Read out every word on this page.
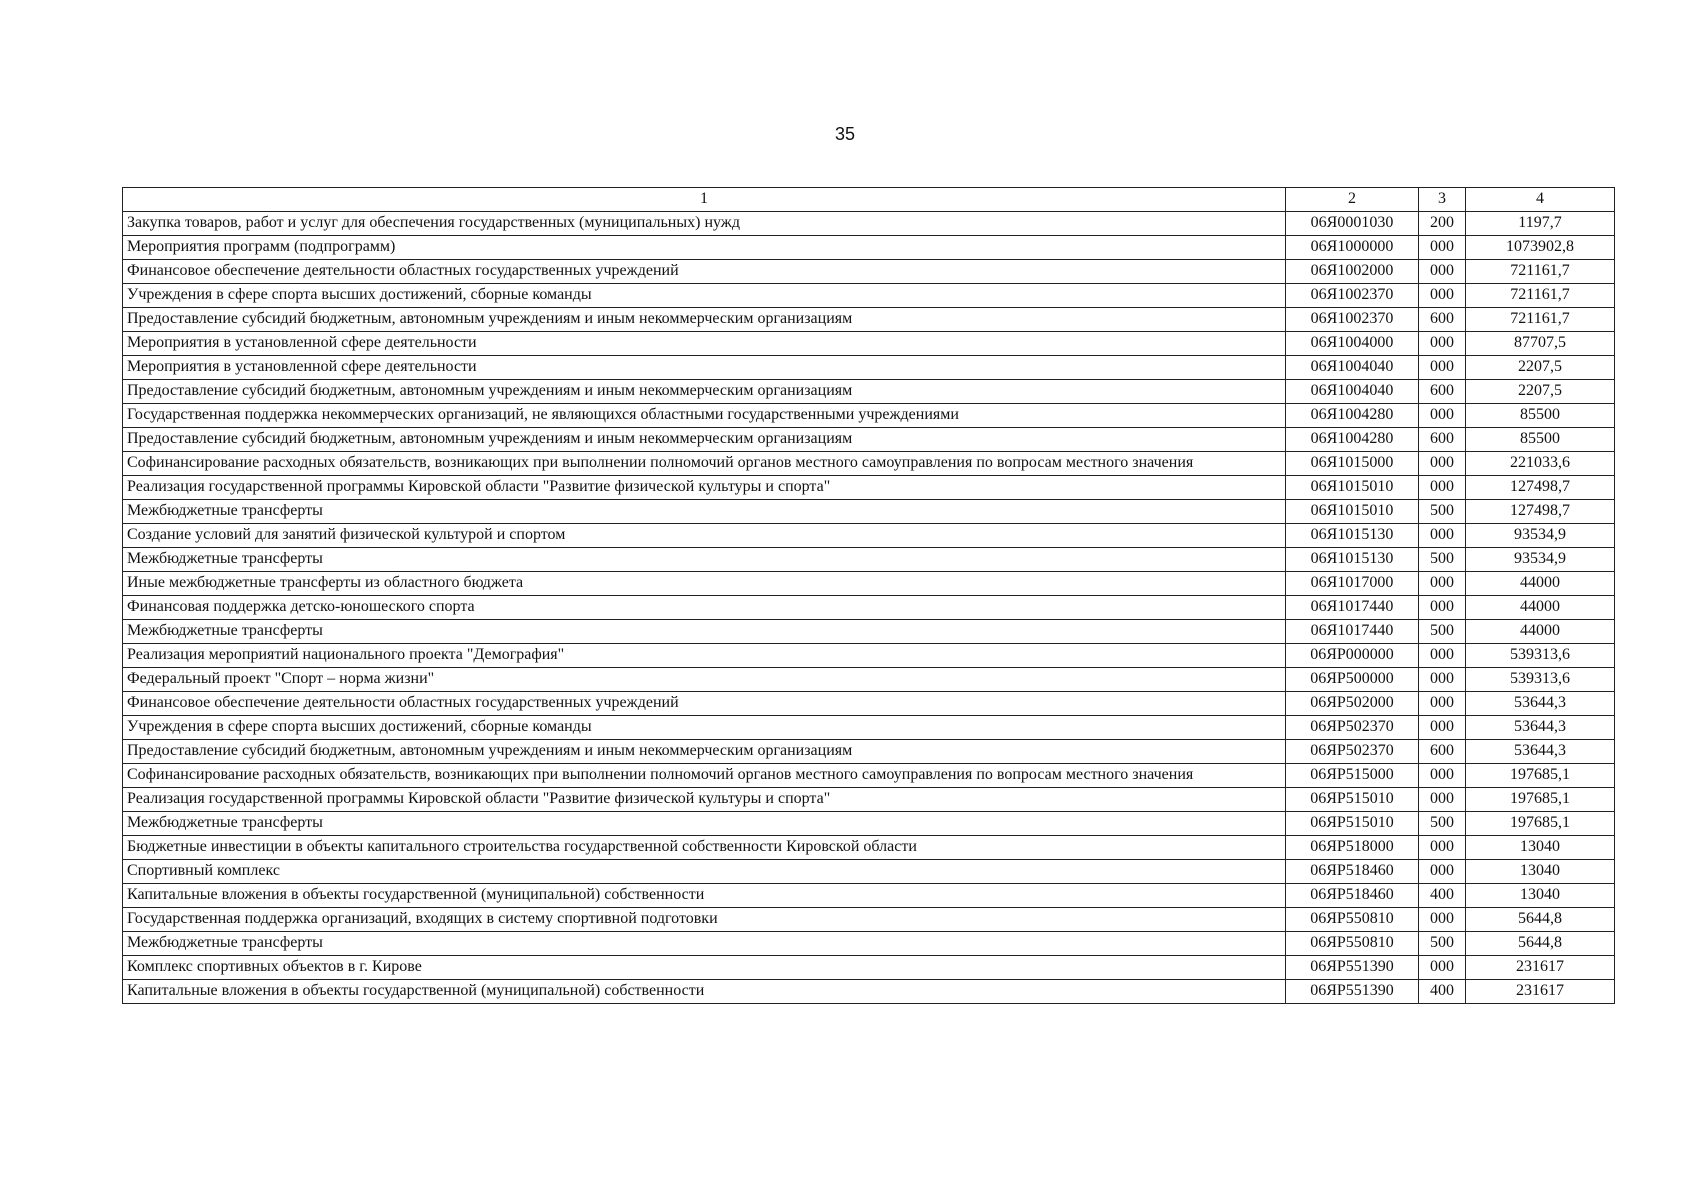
35
1	2	3	4
Закупка товаров, работ и услуг для обеспечения государственных (муниципальных) нужд	06Я0001030	200	1197,7
Мероприятия программ (подпрограмм)	06Я1000000	000	1073902,8
Финансовое обеспечение деятельности областных государственных учреждений	06Я1002000	000	721161,7
Учреждения в сфере спорта высших достижений, сборные команды	06Я1002370	000	721161,7
Предоставление субсидий бюджетным, автономным учреждениям и иным некоммерческим организациям	06Я1002370	600	721161,7
Мероприятия в установленной сфере деятельности	06Я1004000	000	87707,5
Мероприятия в установленной сфере деятельности	06Я1004040	000	2207,5
Предоставление субсидий бюджетным, автономным учреждениям и иным некоммерческим организациям	06Я1004040	600	2207,5
Государственная поддержка некоммерческих организаций, не являющихся областными государственными учреждениями	06Я1004280	000	85500
Предоставление субсидий бюджетным, автономным учреждениям и иным некоммерческим организациям	06Я1004280	600	85500
Софинансирование расходных обязательств, возникающих при выполнении полномочий органов местного самоуправления по вопросам местного значения	06Я1015000	000	221033,6
Реализация государственной программы Кировской области "Развитие физической культуры и спорта"	06Я1015010	000	127498,7
Межбюджетные трансферты	06Я1015010	500	127498,7
Создание условий для занятий физической культурой и спортом	06Я1015130	000	93534,9
Межбюджетные трансферты	06Я1015130	500	93534,9
Иные межбюджетные трансферты из областного бюджета	06Я1017000	000	44000
Финансовая поддержка детско-юношеского спорта	06Я1017440	000	44000
Межбюджетные трансферты	06Я1017440	500	44000
Реализация мероприятий национального проекта "Демография"	06ЯP000000	000	539313,6
Федеральный проект "Спорт – норма жизни"	06ЯP500000	000	539313,6
Финансовое обеспечение деятельности областных государственных учреждений	06ЯP502000	000	53644,3
Учреждения в сфере спорта высших достижений, сборные команды	06ЯP502370	000	53644,3
Предоставление субсидий бюджетным, автономным учреждениям и иным некоммерческим организациям	06ЯP502370	600	53644,3
Софинансирование расходных обязательств, возникающих при выполнении полномочий органов местного самоуправления по вопросам местного значения	06ЯP515000	000	197685,1
Реализация государственной программы Кировской области "Развитие физической культуры и спорта"	06ЯP515010	000	197685,1
Межбюджетные трансферты	06ЯP515010	500	197685,1
Бюджетные инвестиции в объекты капитального строительства государственной собственности Кировской области	06ЯP518000	000	13040
Спортивный комплекс	06ЯP518460	000	13040
Капитальные вложения в объекты государственной (муниципальной) собственности	06ЯP518460	400	13040
Государственная поддержка организаций, входящих в систему спортивной подготовки	06ЯP550810	000	5644,8
Межбюджетные трансферты	06ЯP550810	500	5644,8
Комплекс спортивных объектов в г. Кирове	06ЯP551390	000	231617
Капитальные вложения в объекты государственной (муниципальной) собственности	06ЯP551390	400	231617
